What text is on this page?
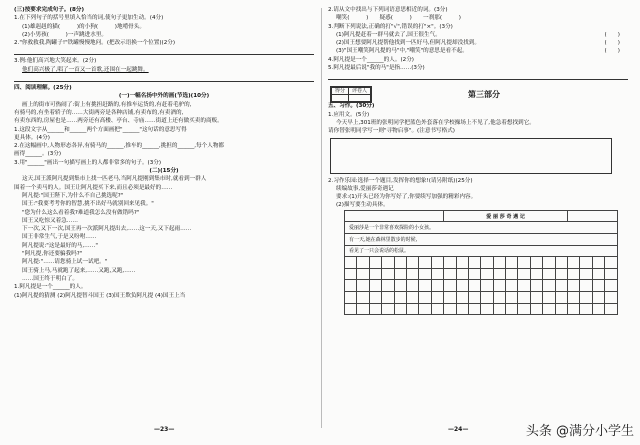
(三)按要求完成句子。(8分)
1.在下列句子的括号里填入恰当的词,使句子更加生动。(4分)
(1)雄赳赳的猫(　　　)的小狗(　　　)地啃骨头。
(2)小男孩(　　　)一声跳进水里。
2."你救救我,陶罐子!"铁罐慢慢地问。(把改示语换一个位置)(2分)
3.例:他们高兴地大笑起来。(2分)
他们高兴极了,唱了一首又一首歌,还围在一起跳舞。
四、阅读理解。(25分)
(一)一幅名扬中外的画(节选)(10分)
画上的街市可热闹了:街上有挑担赶路的,有推车运货的,有赶着毛驴的,
有骑马的,有坐着轿子的……大街两旁是各种店铺,有卖布的,有卖酒的,
有卖东西的,房屋也是……两旁还有高楼、亭台、寺庙……街道上还有做买卖的商贩。
1.这段文字从______和______两个方面画把"______"这句话的意思写得
更具体。(4分)
2.在这幅画中,人物形态各异,有骑马的______,推车的______,挑担的______,每个人物都
画得______。(3分)
3.用"______"画出一句描写画上的人都非常多的句子。(3分)
(二)(15分)
这天,国王派阿凡提到集市上找一匹老马,当阿凡提刚到集市时,就看到一群人
围着一个卖马的人。国王让阿凡提买下来,而且必须是最好的……
阿凡提:"国王陛下,为什么不自己挑选呢?"
国王:"我要考考你的智慧,挑不出好马就别回来见我。"
"您为什么这么看着我?难道我怎么没有做错吗?"
国王又吃惊又着急……
下一次,又下一次,国王再一次派阿凡提出去,……这一天,又下起雨……
国王非常生气,于是又吩咐……
阿凡提说:"这是最好的马,……"
"阿凡提,你还要骗我吗?"
阿凡提:"……请您骑上试一试吧。"
国王骑上马,马就跑了起来,……又跑,又跑,……
……国王终于明白了。
1.阿凡提是一个______的人。
(1)阿凡提的猜测 (2)阿凡提智斗国王 (3)国王欺负阿凡提 (4)国王上当
—23—
2.请从文中找出与下列词语意思相近的词。(3分)
嘲笑(　　　)　　疑惑(　　　)　　一刹那(　　　)
3.判断下列说法,正确的打"√",错误的打"×"。(3分)
(1)阿凡提赶着一群马就去了,国王很生气。	(　　)
(2)国王想要阿凡提帮他找到一匹好马,但阿凡提却没找到。	(　　)
(3)"国王嘲笑阿凡提的马"中,"嘲笑"的意思是看不起。	(　　)
4.阿凡提是一个______的人。(2分)
5.阿凡提最后说"我的马"是指……(3分)
得分	评卷人
		第三部分
五、习作。(30分)
1.应用文。(5分)
今天早上,301班的张明同学把蓝色外套落在学校操场上不见了,他急着想找到它。
请你替张明同学写一则"寻物启事"。(注意书写格式)
2.习作乐园:选择一个题目,发挥你的想象!(请另附纸)(25分)
续编故事,爱丽莎奇遇记
要求:(1)开头已经为你写好了,你要续写加强的精彩内容。
(2)描写要生动具体。
								爱 丽 莎 奇 遇 记													
爱丽莎是一个非常喜欢探险的小女孩。																					
有一天,她在森林里散步的时候,																					
看见了一只会说话的松鼠。																					

—24—	头条 @满分小学生
